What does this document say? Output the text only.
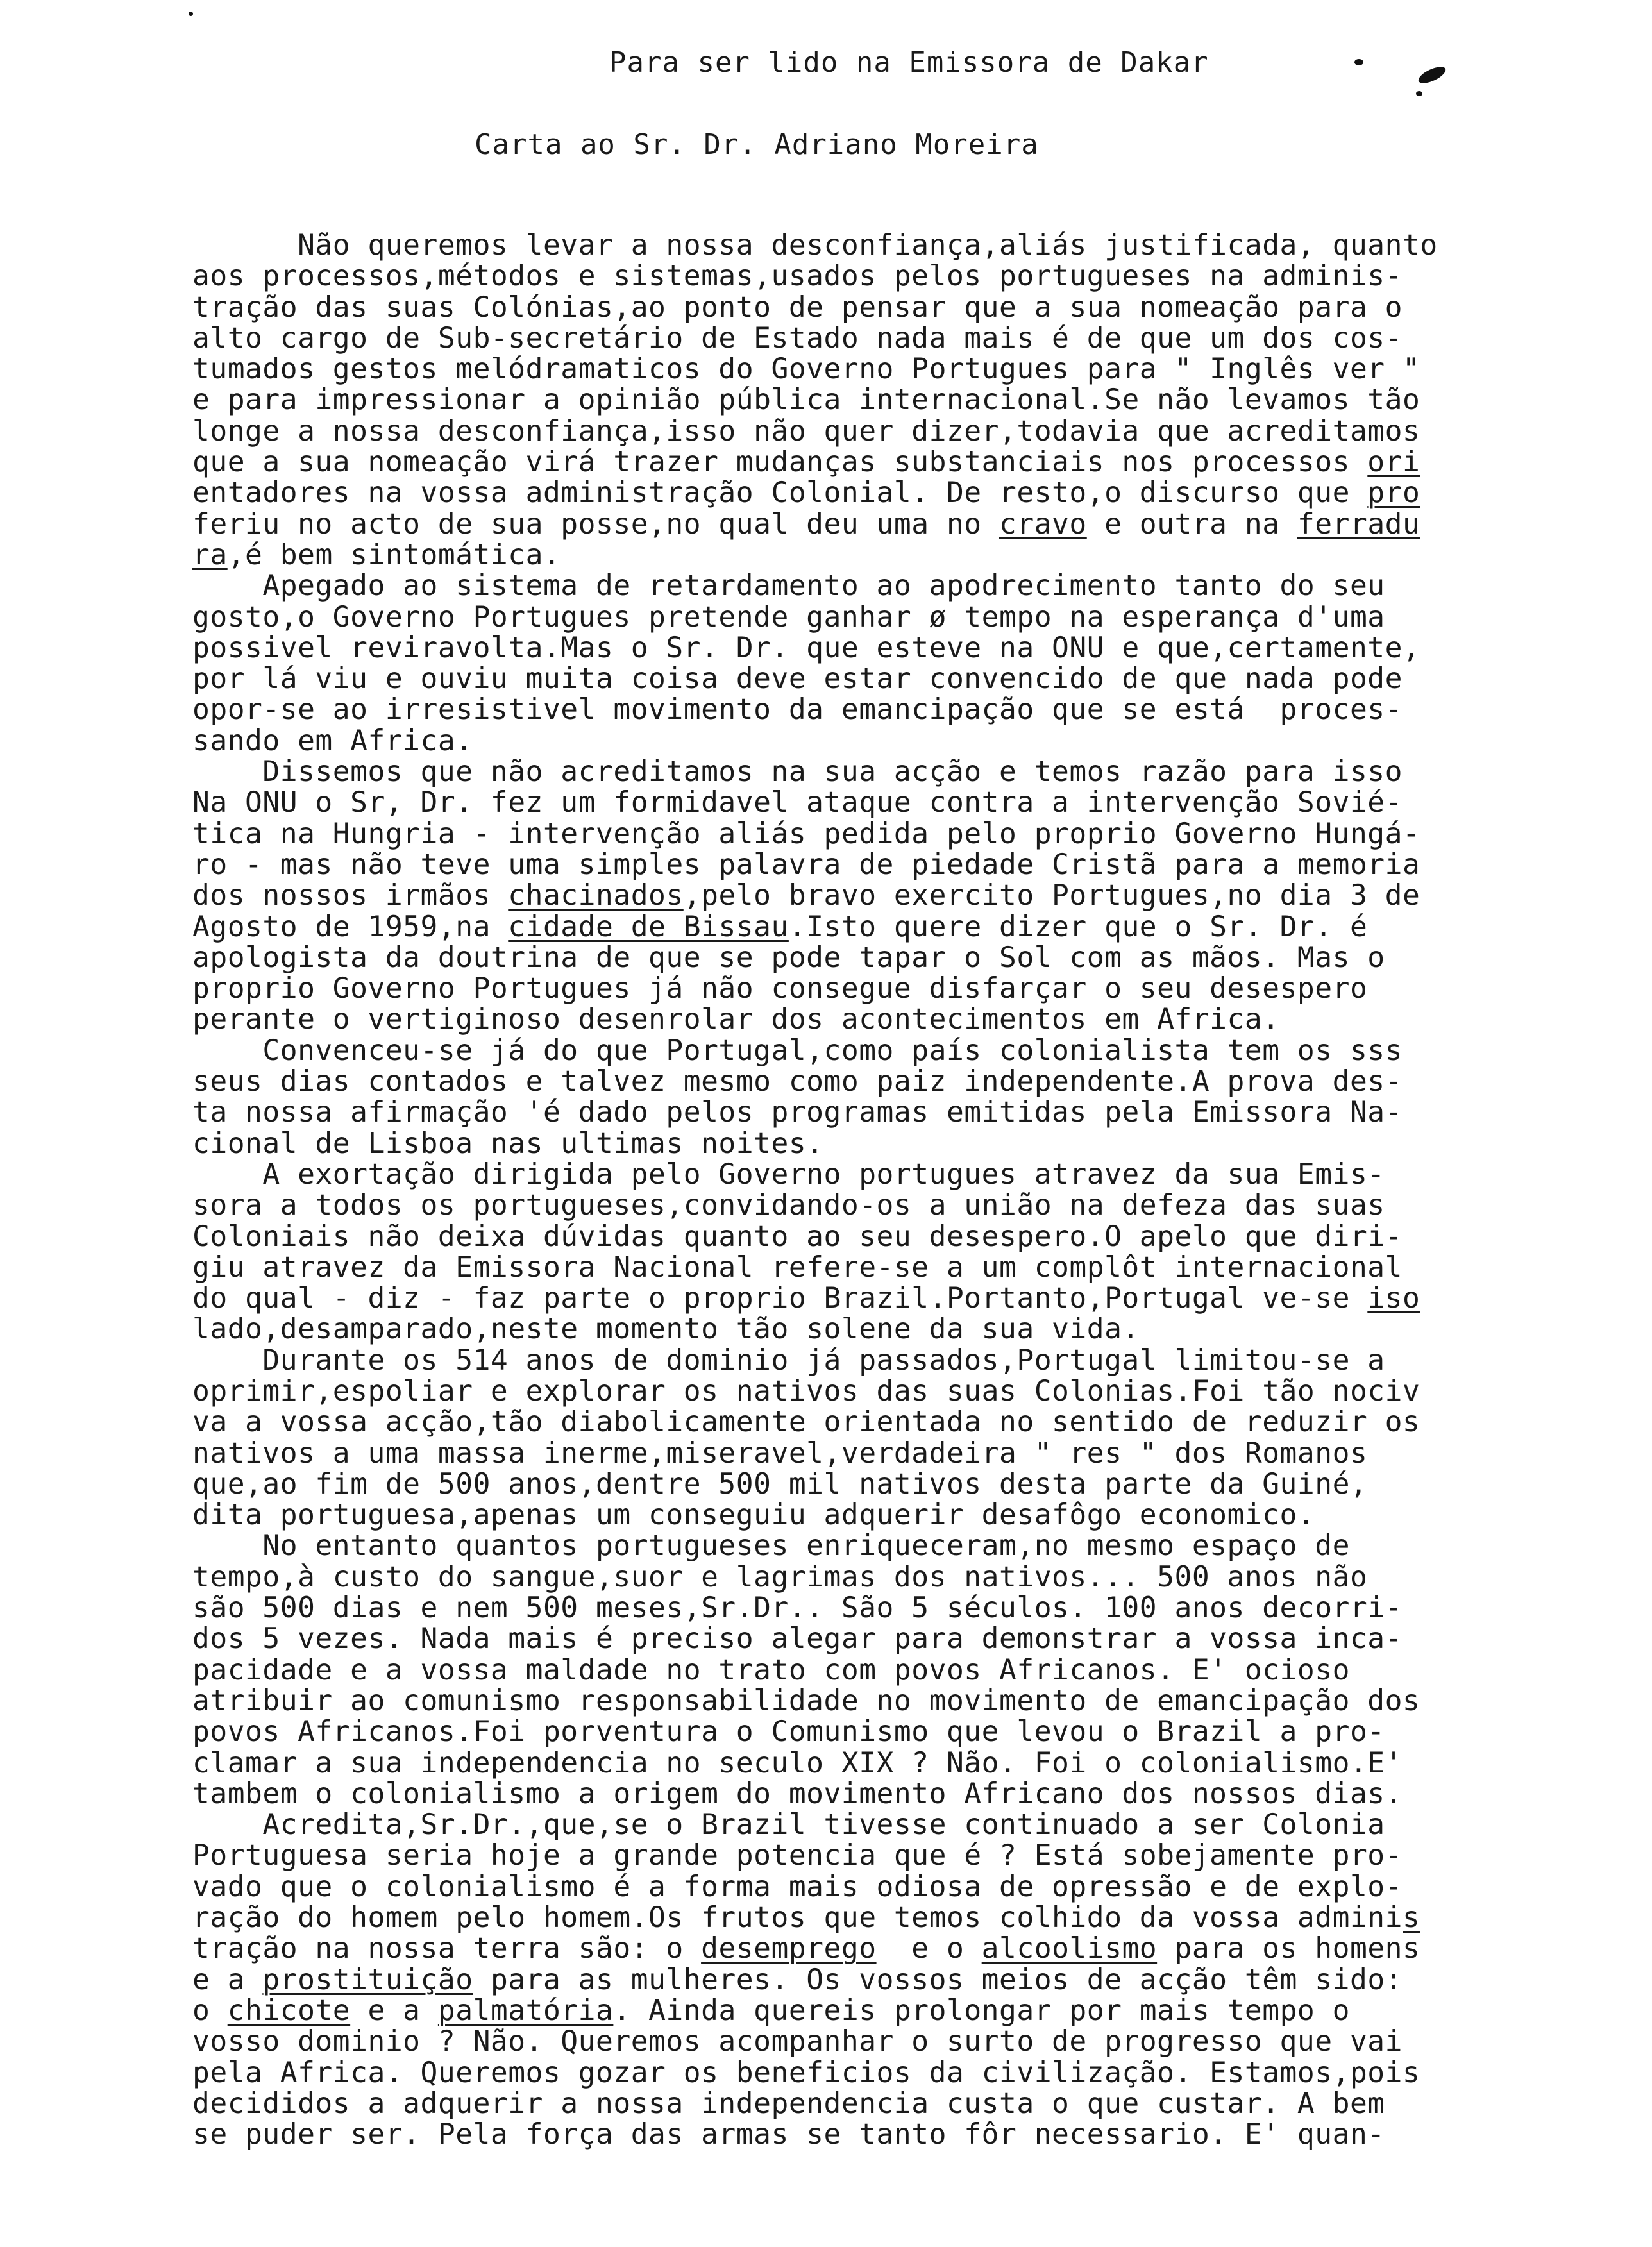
Para ser lido na Emissora de Dakar
Carta ao Sr. Dr. Adriano Moreira
Não queremos levar a nossa desconfiança,aliás justificada, quanto
aos processos,métodos e sistemas,usados pelos portugueses na adminis-
tração das suas Colónias,ao ponto de pensar que a sua nomeação para o
alto cargo de Sub-secretário de Estado nada mais é de que um dos cos-
tumados gestos melódramaticos do Governo Portugues para " Inglês ver "
e para impressionar a opinião pública internacional.Se não levamos tão
longe a nossa desconfiança,isso não quer dizer,todavia que acreditamos
que a sua nomeação virá trazer mudanças substanciais nos processos ori
entadores na vossa administração Colonial. De resto,o discurso que pro
feriu no acto de sua posse,no qual deu uma no cravo e outra na ferradu
ra,é bem sintomática.
Apegado ao sistema de retardamento ao apodrecimento tanto do seu
gosto,o Governo Portugues pretende ganhar ø tempo na esperança d'uma
possivel reviravolta.Mas o Sr. Dr. que esteve na ONU e que,certamente,
por lá viu e ouviu muita coisa deve estar convencido de que nada pode
opor-se ao irresistivel movimento da emancipação que se está  proces-
sando em Africa.
Dissemos que não acreditamos na sua acção e temos razão para isso
Na ONU o Sr, Dr. fez um formidavel ataque contra a intervenção Sovié-
tica na Hungria - intervenção aliás pedida pelo proprio Governo Hungá-
ro - mas não teve uma simples palavra de piedade Cristã para a memoria
dos nossos irmãos chacinados,pelo bravo exercito Portugues,no dia 3 de
Agosto de 1959,na cidade de Bissau.Isto quere dizer que o Sr. Dr. é
apologista da doutrina de que se pode tapar o Sol com as mãos. Mas o
proprio Governo Portugues já não consegue disfarçar o seu desespero
perante o vertiginoso desenrolar dos acontecimentos em Africa.
Convenceu-se já do que Portugal,como país colonialista tem os sss
seus dias contados e talvez mesmo como paiz independente.A prova des-
ta nossa afirmação 'é dado pelos programas emitidas pela Emissora Na-
cional de Lisboa nas ultimas noites.
A exortação dirigida pelo Governo portugues atravez da sua Emis-
sora a todos os portugueses,convidando-os a união na defeza das suas
Coloniais não deixa dúvidas quanto ao seu desespero.O apelo que diri-
giu atravez da Emissora Nacional refere-se a um complôt internacional
do qual - diz - faz parte o proprio Brazil.Portanto,Portugal ve-se iso
lado,desamparado,neste momento tão solene da sua vida.
Durante os 514 anos de dominio já passados,Portugal limitou-se a
oprimir,espoliar e explorar os nativos das suas Colonias.Foi tão nociv
va a vossa acção,tão diabolicamente orientada no sentido de reduzir os
nativos a uma massa inerme,miseravel,verdadeira " res " dos Romanos
que,ao fim de 500 anos,dentre 500 mil nativos desta parte da Guiné,
dita portuguesa,apenas um conseguiu adquerir desafôgo economico.
No entanto quantos portugueses enriqueceram,no mesmo espaço de
tempo,à custo do sangue,suor e lagrimas dos nativos... 500 anos não
são 500 dias e nem 500 meses,Sr.Dr.. São 5 séculos. 100 anos decorri-
dos 5 vezes. Nada mais é preciso alegar para demonstrar a vossa inca-
pacidade e a vossa maldade no trato com povos Africanos. E' ocioso
atribuir ao comunismo responsabilidade no movimento de emancipação dos
povos Africanos.Foi porventura o Comunismo que levou o Brazil a pro-
clamar a sua independencia no seculo XIX ? Não. Foi o colonialismo.E'
tambem o colonialismo a origem do movimento Africano dos nossos dias.
Acredita,Sr.Dr.,que,se o Brazil tivesse continuado a ser Colonia
Portuguesa seria hoje a grande potencia que é ? Está sobejamente pro-
vado que o colonialismo é a forma mais odiosa de opressão e de explo-
ração do homem pelo homem.Os frutos que temos colhido da vossa adminis
tração na nossa terra são: o desemprego  e o alcoolismo para os homens
e a prostituição para as mulheres. Os vossos meios de acção têm sido:
o chicote e a palmatória. Ainda quereis prolongar por mais tempo o
vosso dominio ? Não. Queremos acompanhar o surto de progresso que vai
pela Africa. Queremos gozar os beneficios da civilização. Estamos,pois
decididos a adquerir a nossa independencia custa o que custar. A bem
se puder ser. Pela força das armas se tanto fôr necessario. E' quan-
